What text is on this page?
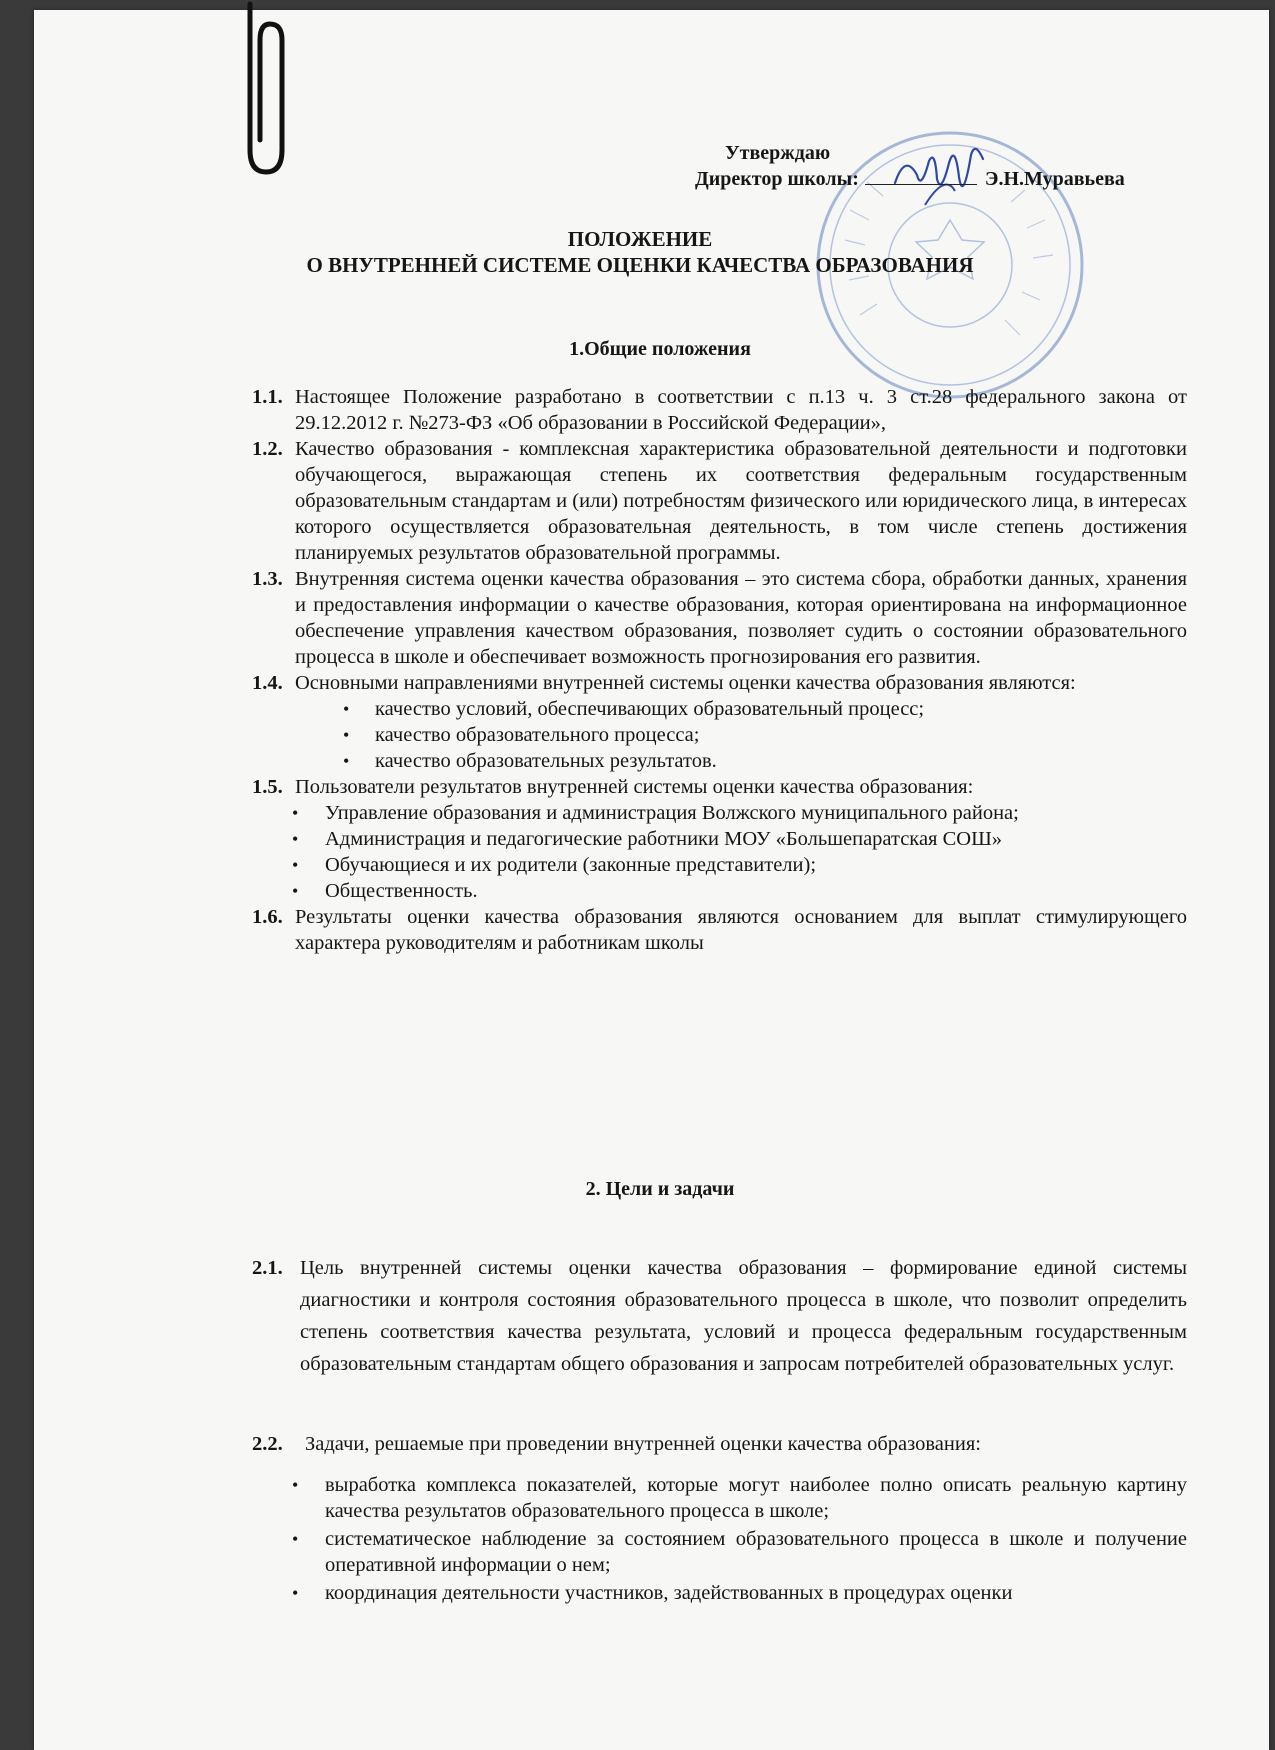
Утверждаю
Директор школы:	Э.Н.Муравьева
ПОЛОЖЕНИЕ
О ВНУТРЕННЕЙ СИСТЕМЕ ОЦЕНКИ КАЧЕСТВА ОБРАЗОВАНИЯ
1.Общие положения
1.1. Настоящее Положение разработано в соответствии с п.13 ч. 3 ст.28 федерального закона от 29.12.2012 г. №273-ФЗ «Об образовании в Российской Федерации»,
1.2. Качество образования - комплексная характеристика образовательной деятельности и подготовки обучающегося, выражающая степень их соответствия федеральным государственным образовательным стандартам и (или) потребностям физического или юридического лица, в интересах которого осуществляется образовательная деятельность, в том числе степень достижения планируемых результатов образовательной программы.
1.3. Внутренняя система оценки качества образования – это система сбора, обработки данных, хранения и предоставления информации о качестве образования, которая ориентирована на информационное обеспечение управления качеством образования, позволяет судить о состоянии образовательного процесса в школе и обеспечивает возможность прогнозирования его развития.
1.4. Основными направлениями внутренней системы оценки качества образования являются:
• качество условий, обеспечивающих образовательный процесс;
• качество образовательного процесса;
• качество образовательных результатов.
1.5. Пользователи результатов внутренней системы оценки качества образования:
• Управление образования и администрация Волжского муниципального района;
• Администрация и педагогические работники МОУ «Большепаратская СОШ»
• Обучающиеся и их родители (законные представители);
• Общественность.
1.6. Результаты оценки качества образования являются основанием для выплат стимулирующего характера руководителям и работникам школы
2. Цели и задачи
2.1. Цель внутренней системы оценки качества образования – формирование единой системы диагностики и контроля состояния образовательного процесса в школе, что позволит определить степень соответствия качества результата, условий и процесса федеральным государственным образовательным стандартам общего образования и запросам потребителей образовательных услуг.
2.2. Задачи, решаемые при проведении внутренней оценки качества образования:
• выработка комплекса показателей, которые могут наиболее полно описать реальную картину качества результатов образовательного процесса в школе;
• систематическое наблюдение за состоянием образовательного процесса в школе и получение оперативной информации о нем;
• координация деятельности участников, задействованных в процедурах оценки
